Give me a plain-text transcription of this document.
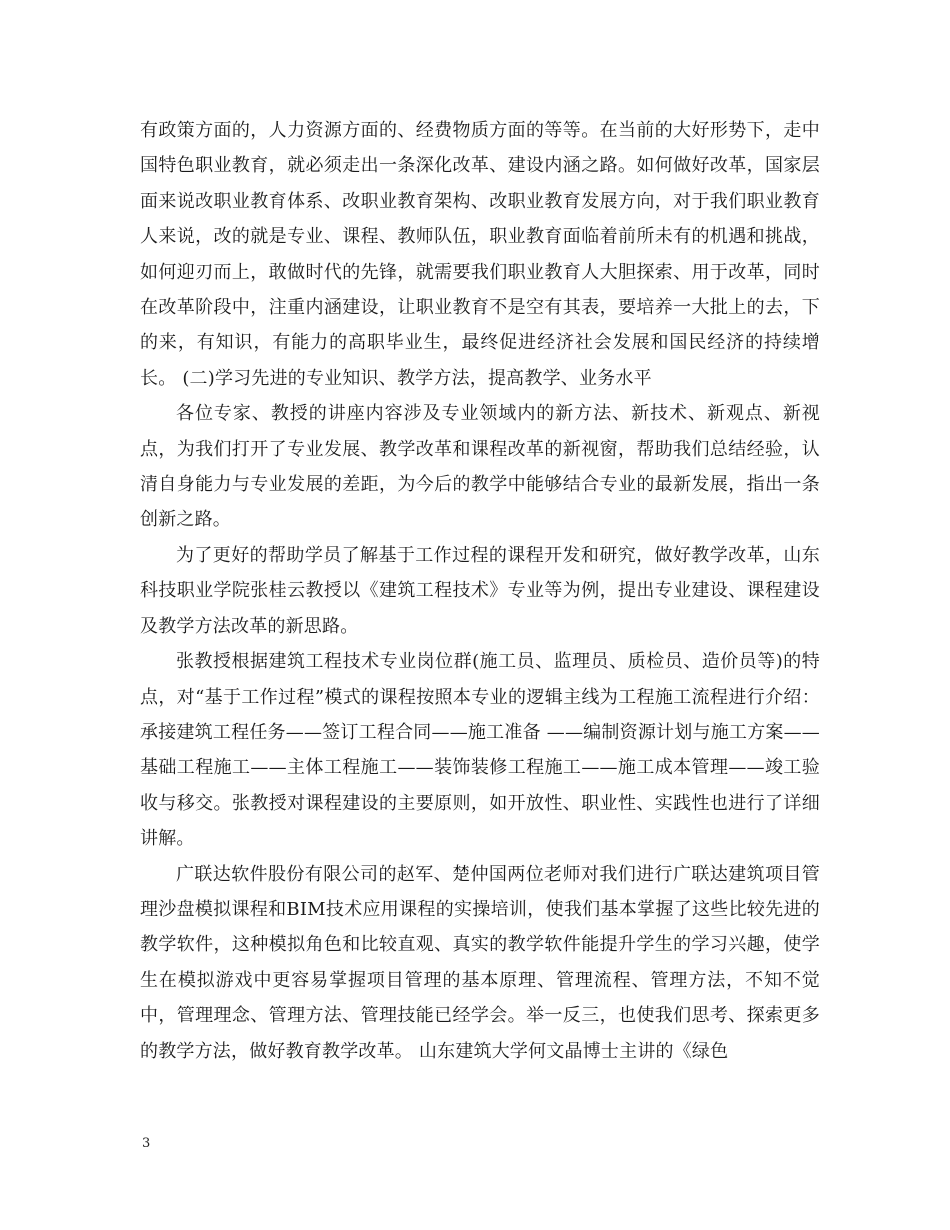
有政策方面的，人力资源方面的、经费物质方面的等等。在当前的大好形势下，走中国特色职业教育，就必须走出一条深化改革、建设内涵之路。如何做好改革，国家层面来说改职业教育体系、改职业教育架构、改职业教育发展方向，对于我们职业教育人来说，改的就是专业、课程、教师队伍，职业教育面临着前所未有的机遇和挑战，如何迎刃而上，敢做时代的先锋，就需要我们职业教育人大胆探索、用于改革，同时在改革阶段中，注重内涵建设，让职业教育不是空有其表，要培养一大批上的去，下的来，有知识，有能力的高职毕业生，最终促进经济社会发展和国民经济的持续增长。 (二)学习先进的专业知识、教学方法，提高教学、业务水平

各位专家、教授的讲座内容涉及专业领域内的新方法、新技术、新观点、新视点，为我们打开了专业发展、教学改革和课程改革的新视窗，帮助我们总结经验，认清自身能力与专业发展的差距，为今后的教学中能够结合专业的最新发展，指出一条创新之路。

为了更好的帮助学员了解基于工作过程的课程开发和研究，做好教学改革，山东科技职业学院张桂云教授以《建筑工程技术》专业等为例，提出专业建设、课程建设及教学方法改革的新思路。

张教授根据建筑工程技术专业岗位群(施工员、监理员、质检员、造价员等)的特点，对“基于工作过程”模式的课程按照本专业的逻辑主线为工程施工流程进行介绍：承接建筑工程任务——签订工程合同——施工准备 ——编制资源计划与施工方案——基础工程施工——主体工程施工——装饰装修工程施工——施工成本管理——竣工验收与移交。张教授对课程建设的主要原则，如开放性、职业性、实践性也进行了详细讲解。

广联达软件股份有限公司的赵军、楚仲国两位老师对我们进行广联达建筑项目管理沙盘模拟课程和BIM技术应用课程的实操培训，使我们基本掌握了这些比较先进的教学软件，这种模拟角色和比较直观、真实的教学软件能提升学生的学习兴趣，使学生在模拟游戏中更容易掌握项目管理的基本原理、管理流程、管理方法，不知不觉中，管理理念、管理方法、管理技能已经学会。举一反三，也使我们思考、探索更多的教学方法，做好教育教学改革。 山东建筑大学何文晶博士主讲的《绿色

3
